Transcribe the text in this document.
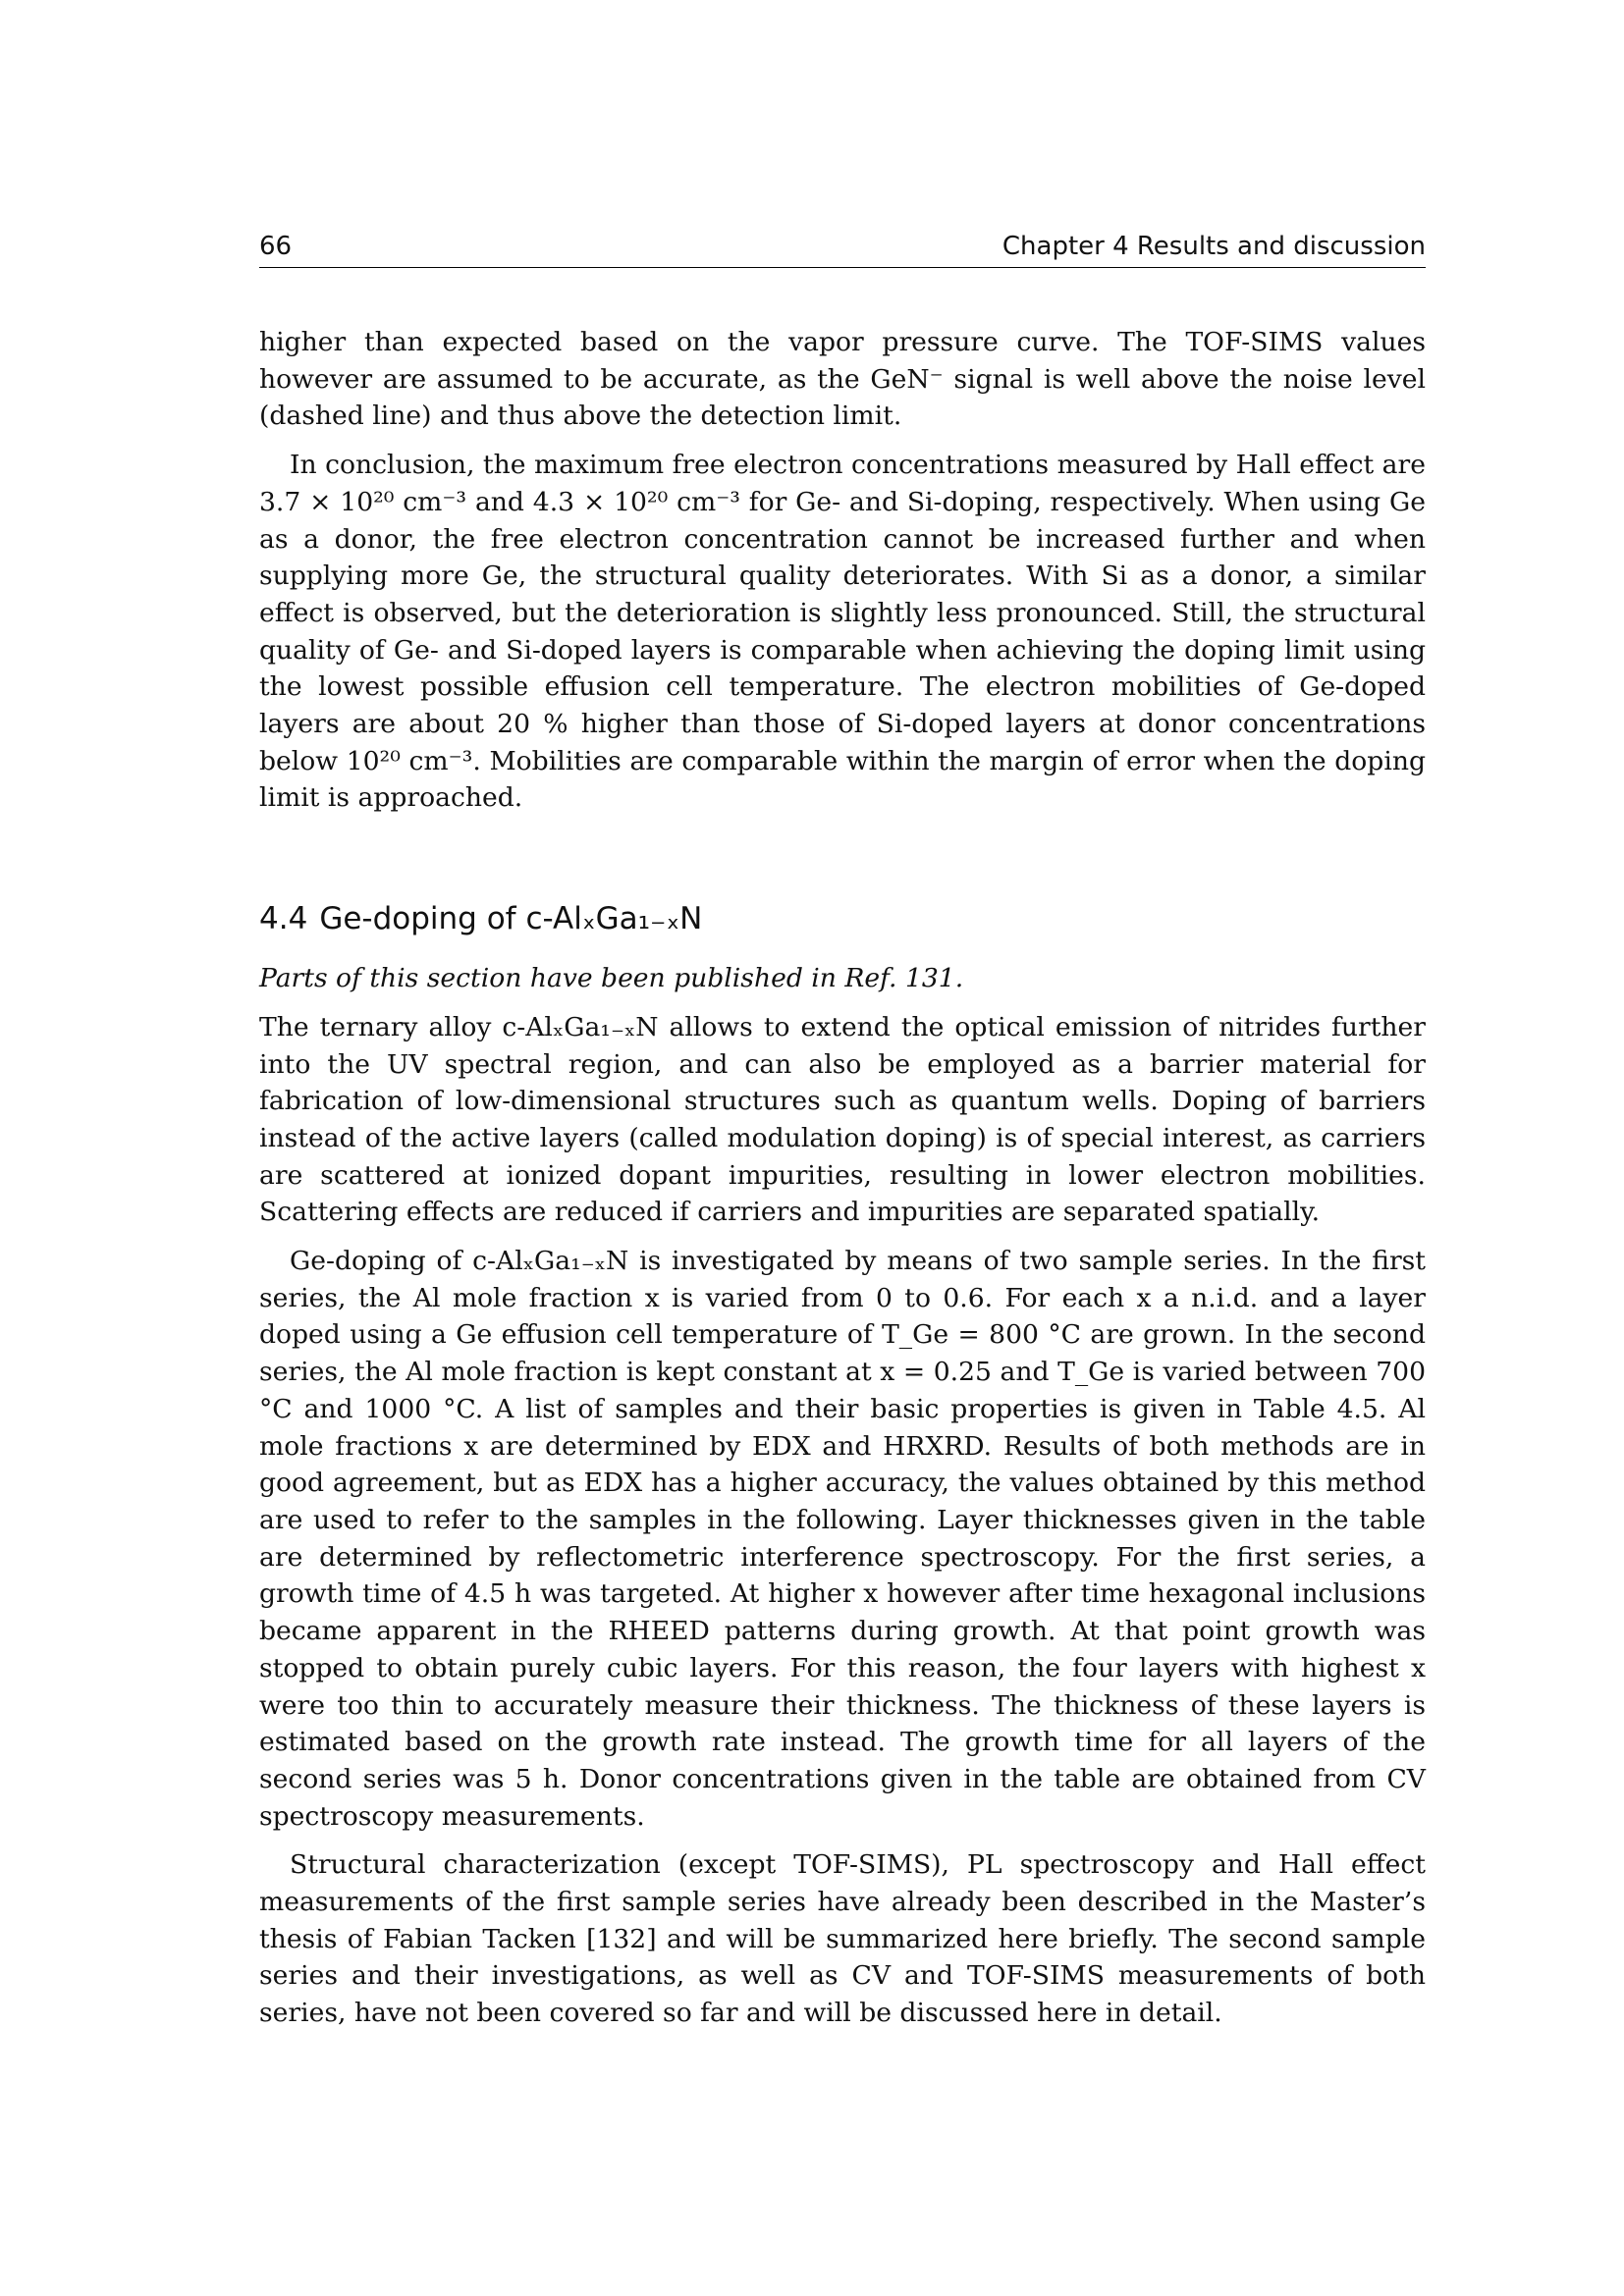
66	Chapter 4 Results and discussion

higher than expected based on the vapor pressure curve. The TOF-SIMS values however are assumed to be accurate, as the GeN⁻ signal is well above the noise level (dashed line) and thus above the detection limit.

In conclusion, the maximum free electron concentrations measured by Hall effect are 3.7 × 10²⁰ cm⁻³ and 4.3 × 10²⁰ cm⁻³ for Ge- and Si-doping, respectively. When using Ge as a donor, the free electron concentration cannot be increased further and when supplying more Ge, the structural quality deteriorates. With Si as a donor, a similar effect is observed, but the deterioration is slightly less pronounced. Still, the structural quality of Ge- and Si-doped layers is comparable when achieving the doping limit using the lowest possible effusion cell temperature. The electron mobilities of Ge-doped layers are about 20 % higher than those of Si-doped layers at donor concentrations below 10²⁰ cm⁻³. Mobilities are comparable within the margin of error when the doping limit is approached.

4.4 Ge-doping of c-AlₓGa₁₋ₓN

Parts of this section have been published in Ref. 131.

The ternary alloy c-AlₓGa₁₋ₓN allows to extend the optical emission of nitrides further into the UV spectral region, and can also be employed as a barrier material for fabrication of low-dimensional structures such as quantum wells. Doping of barriers instead of the active layers (called modulation doping) is of special interest, as carriers are scattered at ionized dopant impurities, resulting in lower electron mobilities. Scattering effects are reduced if carriers and impurities are separated spatially.

Ge-doping of c-AlₓGa₁₋ₓN is investigated by means of two sample series. In the first series, the Al mole fraction x is varied from 0 to 0.6. For each x a n.i.d. and a layer doped using a Ge effusion cell temperature of T_Ge = 800 °C are grown. In the second series, the Al mole fraction is kept constant at x = 0.25 and T_Ge is varied between 700 °C and 1000 °C. A list of samples and their basic properties is given in Table 4.5. Al mole fractions x are determined by EDX and HRXRD. Results of both methods are in good agreement, but as EDX has a higher accuracy, the values obtained by this method are used to refer to the samples in the following. Layer thicknesses given in the table are determined by reflectometric interference spectroscopy. For the first series, a growth time of 4.5 h was targeted. At higher x however after time hexagonal inclusions became apparent in the RHEED patterns during growth. At that point growth was stopped to obtain purely cubic layers. For this reason, the four layers with highest x were too thin to accurately measure their thickness. The thickness of these layers is estimated based on the growth rate instead. The growth time for all layers of the second series was 5 h. Donor concentrations given in the table are obtained from CV spectroscopy measurements.

Structural characterization (except TOF-SIMS), PL spectroscopy and Hall effect measurements of the first sample series have already been described in the Master’s thesis of Fabian Tacken [132] and will be summarized here briefly. The second sample series and their investigations, as well as CV and TOF-SIMS measurements of both series, have not been covered so far and will be discussed here in detail.
